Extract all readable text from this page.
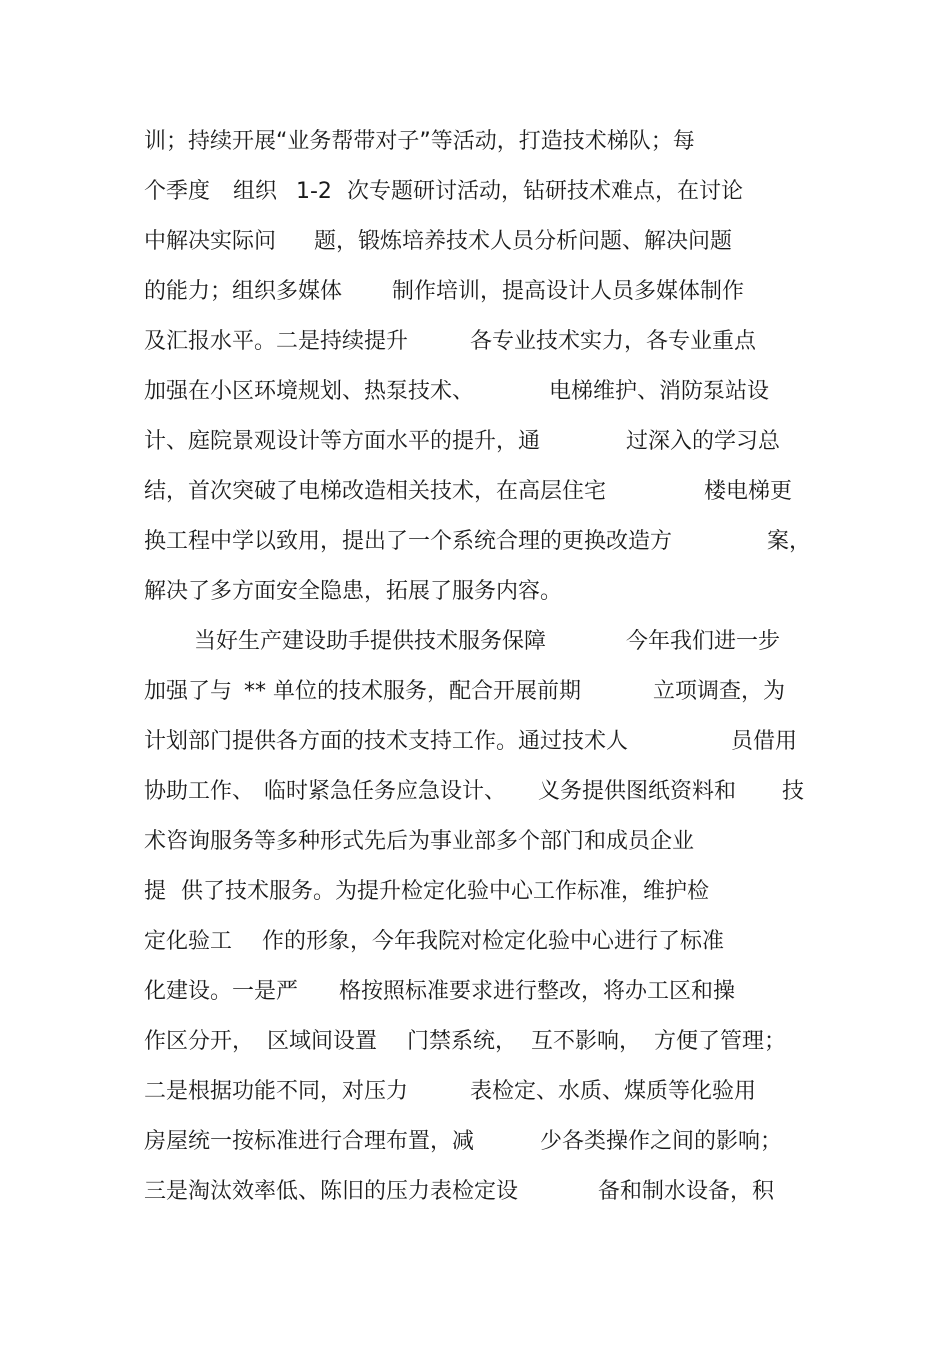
训；持续开展“业务帮带对子”等活动，打造技术梯队；每

个季度

组织

1-2

次专题研讨活动，钻研技术难点，在讨论

中解决实际问

题，锻炼培养技术人员分析问题、解决问题

的能力；组织多媒体

制作培训，提高设计人员多媒体制作

及汇报水平。二是持续提升

	各专业技术实力，各专业重点

加强在小区环境规划、热泵技术、

	电梯维护、消防泵站设

计、庭院景观设计等方面水平的提升，通

	过深入的学习总

结，首次突破了电梯改造相关技术，在高层住宅

	楼电梯更

换工程中学以致用，提出了一个系统合理的更换改造方

	案，

解决了多方面安全隐患，拓展了服务内容。

当好生产建设助手提供技术服务保障

	今年我们进一步

加强了与

** 单位的技术服务，配合开展前期

	立项调查，为

计划部门提供各方面的技术支持工作。通过技术人

	员借用

协助工作、

临时紧急任务应急设计、

义务提供图纸资料和

技

术咨询服务等多种形式先后为事业部多个部门和成员企业

提

供了技术服务。为提升检定化验中心工作标准，维护检

定化验工

作的形象，今年我院对检定化验中心进行了标准

化建设。一是严

格按照标准要求进行整改，将办工区和操

作区分开，

区域间设置

门禁系统，

互不影响，

方便了管理；

二是根据功能不同，对压力

	表检定、水质、煤质等化验用

房屋统一按标准进行合理布置，减

	少各类操作之间的影响；

三是淘汰效率低、陈旧的压力表检定设

	备和制水设备，积
